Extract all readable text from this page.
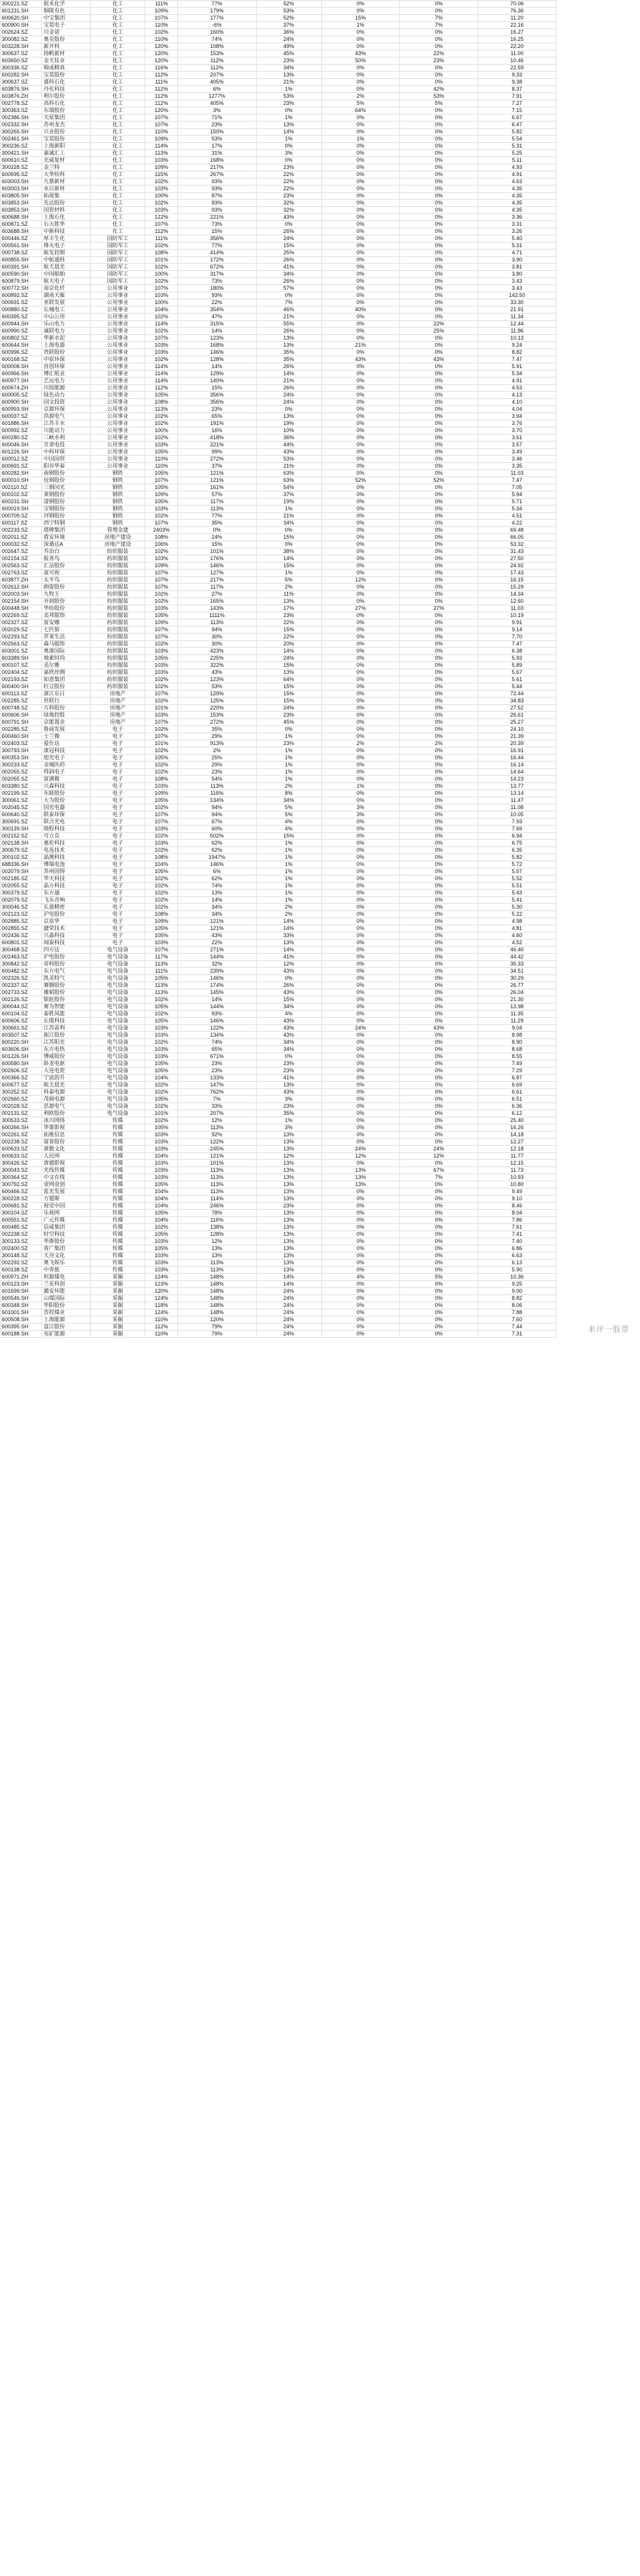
300221.SZ	银禾化学	化工	111%	77%	52%	0%	0%	70.06
601231.SH	铜陵有色	化工	109%	179%	53%	0%	0%	76.36
600620.SH	中宝集团	化工	107%	177%	52%	15%	7%	11.20
600900.SH	宝莫电子	化工	110%	-6%	37%	1%	7%	22.16
002624.SZ	川金诺	化工	102%	160%	36%	0%	0%	16.27
300082.SZ	奥克股份	化工	110%	74%	24%	0%	0%	16.25
603228.SH	新开科	化工	120%	108%	49%	0%	0%	22.20
300637.SZ	扬帆新材	化工	120%	153%	45%	43%	22%	11.00
603650.SZ	金天钛业	化工	120%	112%	23%	50%	23%	10.46
300336.SZ	锦成精真	化工	116%	112%	34%	0%	0%	22.59
600282.SH	宝莫股份	化工	112%	207%	13%	0%	0%	9.33
300637.SZ	盛科石化	化工	111%	405%	21%	0%	0%	9.38
603876.SH	丹化科技	化工	112%	6%	1%	0%	42%	8.37
603876.ZH	利尔股份	化工	112%	1277%	53%	2%	53%	7.91
002778.SZ	高科石化	化工	112%	405%	23%	5%	5%	7.27
300363.SZ	东瑞股份	化工	120%	3%	0%	64%	0%	7.15
002386.SH	天原集团	化工	107%	71%	1%	0%	0%	6.67
002332.SH	苏州龙杰	化工	107%	23%	13%	0%	0%	6.47
300265.SH	兴业股份	化工	110%	150%	14%	0%	0%	5.82
002461.SH	宝莫股份	化工	109%	53%	1%	1%	0%	5.54
300236.SZ	上海新阳	化工	114%	17%	0%	0%	0%	5.31
300421.SH	嘉诚汇工	化工	113%	31%	3%	0%	0%	5.25
600610.SZ	光威复材	化工	103%	168%	0%	0%	0%	5.11
300228.SZ	金兰特	化工	109%	217%	23%	0%	0%	4.93
600695.SZ	大华纺科	化工	115%	267%	22%	0%	0%	4.91
603003.SH	九鼎新材	化工	102%	93%	22%	0%	0%	4.63
603003.SH	水百新材	化工	103%	93%	22%	0%	0%	4.35
603805.SH	拓展集	化工	100%	87%	23%	0%	0%	4.35
603853.SH	先达股份	化工	102%	93%	32%	0%	0%	4.35
603853.SH	国瓷材料	化工	103%	93%	32%	0%	0%	4.35
600688.SH	上海石化	化工	122%	221%	43%	0%	0%	3.36
600871.SZ	石大胜华	化工	107%	73%	0%	0%	0%	3.31
603688.SH	中新科技	化工	112%	15%	26%	0%	0%	3.26
600446.SZ	厚丰生化	国防军工	111%	356%	24%	0%	0%	5.40
000561.SH	烽火电子	国防军工	102%	77%	15%	0%	0%	5.31
000738.SZ	航发控制	国防军工	108%	414%	25%	0%	0%	4.71
600855.SH	中航通科	国防军工	101%	172%	26%	0%	0%	3.90
600391.SH	航天晨光	国防军工	102%	672%	41%	0%	0%	3.81
600590.SH	中国船舶	国防军工	100%	317%	34%	0%	0%	3.80
600879.SH	航天电子	国防军工	102%	73%	26%	0%	0%	3.43
600772.SH	南京化纤	公用事业	107%	180%	57%	0%	0%	3.43
600892.SZ	湖南天雁	公用事业	103%	93%	0%	0%	0%	142.50
000691.SZ	亚联发展	公用事业	100%	22%	7%	0%	0%	33.30
000880.SZ	长城电工	公用事业	104%	354%	46%	40%	0%	21.91
600395.SZ	中山公用	公用事业	102%	47%	21%	0%	0%	11.34
600944.SH	乐山电力	公用事业	114%	315%	55%	0%	22%	12.44
600990.SZ	诚联电力	公用事业	102%	14%	26%	0%	25%	11.96
600802.SZ	华新水泥	公用事业	107%	123%	13%	0%	0%	10.13
600644.SH	上海电器	公用事业	103%	168%	13%	21%	0%	9.24
600996.SZ	贵联股份	公用事业	103%	146%	35%	0%	0%	8.82
600168.SZ	中原环保	公用事业	102%	128%	35%	43%	43%	7.47
600008.SH	首创环保	公用事业	114%	14%	26%	0%	0%	5.91
600966.SH	博汇纸业	公用事业	114%	129%	14%	0%	0%	5.34
600977.SH	艺远电力	公用事业	114%	140%	21%	0%	0%	4.91
600674.ZH	川投能源	公用事业	112%	15%	26%	0%	0%	4.53
600005.SZ	绿色动力	公用事业	105%	356%	24%	0%	0%	4.13
600900.SH	国文投资	公用事业	108%	356%	24%	0%	0%	4.10
600993.SH	京源环保	公用事业	113%	23%	0%	0%	0%	4.04
600037.SZ	洪源电气	公用事业	102%	65%	13%	0%	0%	3.94
601886.SH	江苏丰水	公用事业	102%	191%	19%	0%	0%	3.76
600992.SZ	川能动力	公用事业	100%	16%	10%	0%	0%	3.70
600280.SZ	三峡水利	公用事业	102%	418%	36%	0%	0%	3.61
600046.SH	甘肃电投	公用事业	103%	221%	44%	0%	0%	3.57
601226.SH	中科环保	公用事业	105%	99%	43%	0%	0%	3.49
600012.SZ	中国国贸	公用事业	110%	272%	53%	0%	0%	3.46
600691.SZ	阳谷华泰	公用事业	110%	37%	21%	0%	0%	3.35
600282.SH	南钢股份	钢铁	105%	121%	63%	0%	0%	11.03
600010.SH	包钢股份	钢铁	107%	121%	63%	52%	52%	7.47
002110.SZ	三钢闵光	钢铁	105%	161%	54%	0%	0%	7.05
600102.SZ	莱钢股份	钢铁	109%	57%	37%	0%	0%	5.94
600231.SH	凌钢股份	钢铁	105%	117%	19%	0%	0%	5.71
600019.SH	宝钢股份	钢铁	103%	113%	1%	0%	0%	5.34
000709.SZ	河钢股份	钢铁	102%	77%	21%	0%	0%	4.51
600117.SZ	西宁特钢	钢铁	107%	35%	34%	0%	0%	4.22
002233.SZ	塔牌集团	管理金建	2403%	0%	0%	0%	0%	69.48
002011.SZ	盾安环境	房地产建设	108%	24%	15%	0%	0%	66.05
000032.SZ	深桑达A	房地产建设	106%	15%	0%	0%	0%	53.32
002647.SZ	乔治白	纺织服装	102%	101%	38%	0%	0%	31.43
002154.SZ	报喜鸟	纺织服装	103%	176%	14%	0%	0%	27.50
002563.SZ	汇洁股份	纺织服装	109%	146%	15%	0%	0%	24.92
002763.SZ	富可视	纺织服装	107%	127%	1%	0%	0%	17.43
603877.ZH	太平鸟	纺织服装	107%	217%	5%	12%	0%	16.15
002612.SH	朗姿股份	纺织服装	107%	117%	2%	0%	0%	15.29
002003.SH	九牧王	纺织服装	102%	27%	11%	0%	0%	14.34
002154.SH	开润股份	纺织服装	102%	165%	13%	0%	0%	12.60
600448.SH	华纺股份	纺织服装	103%	143%	17%	27%	27%	11.03
002269.SZ	美邦服饰	纺织服装	105%	1111%	23%	0%	0%	10.19
002327.SZ	富安娜	纺织服装	109%	113%	22%	0%	0%	9.91
002029.SZ	七匹狼	纺织服装	107%	94%	15%	0%	0%	9.14
002293.SZ	罗莱生活	纺织服装	107%	30%	22%	0%	0%	7.70
002563.SZ	森马服饰	纺织服装	102%	30%	20%	0%	0%	7.47
603001.SZ	奥康国际	纺织服装	103%	423%	14%	0%	0%	6.38
603389.SH	地素时尚	纺织服装	105%	225%	24%	0%	0%	5.93
600107.SZ	美尔雅	纺织服装	103%	322%	15%	0%	0%	5.89
002404.SZ	嘉欣丝绸	纺织服装	103%	43%	13%	0%	0%	5.67
002193.SZ	如意集团	纺织服装	102%	123%	64%	0%	0%	5.61
600400.SH	红豆股份	纺织服装	102%	53%	15%	0%	0%	5.44
600113.SZ	浙江东日	房地产	107%	129%	15%	0%	0%	72.44
002285.SZ	世联行	房地产	102%	125%	15%	0%	0%	34.83
600748.SZ	万科股份	房地产	101%	220%	24%	0%	0%	27.52
600606.SH	绿地控股	房地产	103%	153%	23%	0%	0%	26.61
600791.SH	京能置业	房地产	107%	272%	45%	0%	0%	25.27
002285.SZ	鲁商发展	电子	102%	35%	0%	0%	0%	24.10
600460.SH	士兰微	电子	107%	29%	1%	0%	0%	21.39
002403.SZ	爱仕达	电子	101%	913%	23%	2%	2%	20.39
300793.SH	康冠科技	电子	102%	2%	1%	0%	0%	16.91
600353.SH	旭光电子	电子	105%	25%	1%	0%	0%	16.44
300233.SZ	金城医药	电子	102%	29%	1%	0%	0%	16.14
002055.SZ	得润电子	电子	102%	23%	1%	0%	0%	14.64
002055.SZ	富满微	电子	108%	54%	1%	0%	0%	14.23
603380.SZ	兴森科技	电子	103%	113%	2%	1%	0%	13.77
002199.SZ	东睦股份	电子	109%	116%	8%	0%	0%	13.14
300061.SZ	大为股份	电子	105%	134%	34%	0%	0%	11.47
002045.SZ	国光电器	电子	102%	94%	5%	3%	0%	11.08
600640.SZ	联泰环保	电子	107%	94%	5%	3%	0%	10.05
300691.SZ	联合光电	电子	107%	67%	4%	0%	0%	7.93
300139.SH	晓程科技	电子	103%	60%	4%	0%	0%	7.69
002152.SZ	可立克	电子	102%	502%	15%	0%	0%	6.94
002138.SH	惠伦科技	电子	103%	62%	1%	0%	0%	6.75
300679.SZ	电连技术	电子	102%	62%	1%	0%	0%	6.35
300102.SZ	晶澳科技	电子	108%	1947%	1%	0%	0%	5.82
688336.SH	博瑞电池	电子	104%	146%	1%	0%	0%	5.72
002079.SH	苏州固锝	电子	105%	6%	1%	0%	0%	5.57
002185.SZ	华天科技	电子	102%	62%	1%	0%	0%	5.52
002055.SZ	晶方科技	电子	102%	74%	1%	0%	0%	5.51
300379.SZ	东方通	电子	102%	13%	1%	0%	0%	5.43
002079.SZ	飞乐音响	电子	102%	14%	1%	0%	0%	5.41
300046.SZ	长盈精密	电子	102%	34%	2%	0%	0%	5.30
002123.SZ	沪电股份	电子	108%	34%	2%	0%	0%	5.22
002885.SZ	京泉华	电子	109%	121%	14%	0%	0%	4.98
002855.SZ	捷荣技术	电子	105%	121%	14%	0%	0%	4.81
002436.SZ	兴森科技	电子	105%	43%	33%	0%	0%	4.60
600801.SZ	闻泰科技	电子	103%	22%	13%	0%	0%	4.52
300468.SZ	四方达	电气设备	107%	271%	14%	0%	0%	46.40
002463.SZ	沪电股份	电气设备	117%	144%	41%	0%	0%	44.42
300842.SZ	帝科股份	电气设备	113%	32%	12%	0%	0%	35.33
600482.SZ	东方电气	电气设备	111%	239%	43%	0%	0%	34.51
002326.SZ	凯美特气	电气设备	105%	146%	0%	0%	0%	30.29
002337.SZ	赛腾股份	电气设备	113%	174%	26%	0%	0%	26.77
002733.SZ	雄韬股份	电气设备	113%	145%	43%	0%	0%	26.04
002126.SZ	银轮股份	电气设备	102%	14%	15%	0%	0%	21.30
300044.SZ	赛为智能	电气设备	105%	144%	34%	0%	0%	13.98
600104.SZ	泰胜风能	电气设备	102%	93%	4%	0%	0%	11.35
600606.SZ	长缆科技	电气设备	105%	146%	43%	0%	0%	11.29
300661.SZ	江苏雷利	电气设备	103%	122%	43%	24%	43%	9.04
603507.SZ	振江股份	电气设备	103%	134%	43%	0%	0%	8.98
600220.SH	江苏阳光	电气设备	102%	74%	34%	0%	0%	8.90
603606.SH	东方电热	电气设备	103%	65%	34%	0%	0%	8.68
601226.SH	博威股份	电气设备	103%	671%	0%	0%	0%	8.55
600580.SH	卧龙电驱	电气设备	105%	23%	23%	0%	0%	7.49
002606.SZ	大连电瓷	电气设备	105%	23%	23%	0%	0%	7.29
600366.SZ	宁波韵升	电气设备	104%	133%	41%	0%	0%	6.87
600677.SZ	航天晨光	电气设备	102%	147%	13%	0%	0%	6.69
300252.SZ	科泰电源	电气设备	102%	762%	43%	0%	0%	6.61
002660.SZ	茂硕电源	电气设备	105%	7%	3%	0%	0%	6.51
002028.SZ	思源电气	电气设备	102%	33%	23%	0%	0%	6.36
002131.SZ	利欧股份	电气设备	101%	207%	35%	0%	0%	6.12
300533.SZ	冰川网络	传媒	102%	12%	1%	0%	0%	25.40
600266.SH	华策影视	传媒	105%	113%	3%	0%	0%	16.26
002261.SZ	拓维信息	传媒	103%	92%	13%	0%	0%	14.18
002238.SZ	富春股份	传媒	103%	122%	13%	0%	0%	12.27
600633.SZ	浙数文化	传媒	103%	245%	13%	24%	24%	12.18
600633.SZ	人民网	传媒	104%	121%	12%	12%	12%	11.77
300426.SZ	唐德影视	传媒	103%	101%	13%	0%	0%	12.15
300043.SZ	光线传媒	传媒	103%	113%	13%	13%	67%	11.73
300364.SZ	中文在线	传媒	103%	113%	13%	13%	7%	10.93
300792.SZ	壹网壹创	传媒	105%	113%	13%	13%	0%	10.80
600466.SZ	蓝光发展	传媒	104%	113%	13%	0%	0%	9.49
300228.SZ	万德斯	传媒	104%	114%	13%	0%	0%	9.10
000681.SZ	视觉中国	传媒	104%	246%	23%	0%	0%	8.46
300104.SZ	乐视网	传媒	105%	78%	13%	0%	0%	8.04
600551.SZ	广元传媒	传媒	104%	116%	13%	0%	0%	7.86
600485.SZ	信威集团	传媒	102%	138%	13%	0%	0%	7.61
002238.SZ	时空科技	传媒	105%	128%	13%	0%	0%	7.41
300133.SZ	华斯股份	传媒	103%	12%	13%	0%	0%	7.40
002400.SZ	省广集团	传媒	105%	13%	13%	0%	0%	6.86
300148.SZ	天舟文化	传媒	103%	13%	13%	0%	0%	6.63
002292.SZ	奥飞娱乐	传媒	103%	113%	13%	0%	0%	6.13
600138.SZ	中青旅	传媒	103%	113%	13%	0%	0%	5.90
600971.ZH	恒源煤电	采掘	124%	148%	14%	4%	5%	10.36
600123.SH	兰花科创	采掘	123%	148%	14%	0%	0%	9.25
601699.SH	潞安环能	采掘	120%	148%	24%	0%	0%	9.00
600546.SH	山煤国际	采掘	124%	148%	24%	0%	0%	8.82
600348.SH	华阳股份	采掘	118%	148%	24%	0%	0%	8.06
601001.SH	晋控煤业	采掘	124%	148%	24%	0%	0%	7.88
600508.SH	上海能源	采掘	110%	120%	24%	0%	0%	7.60
600395.SH	盘江股份	采掘	112%	79%	24%	0%	0%	7.44
600188.SH	兖矿能源	采掘	110%	79%	24%	0%	0%	7.31	来评一股票
